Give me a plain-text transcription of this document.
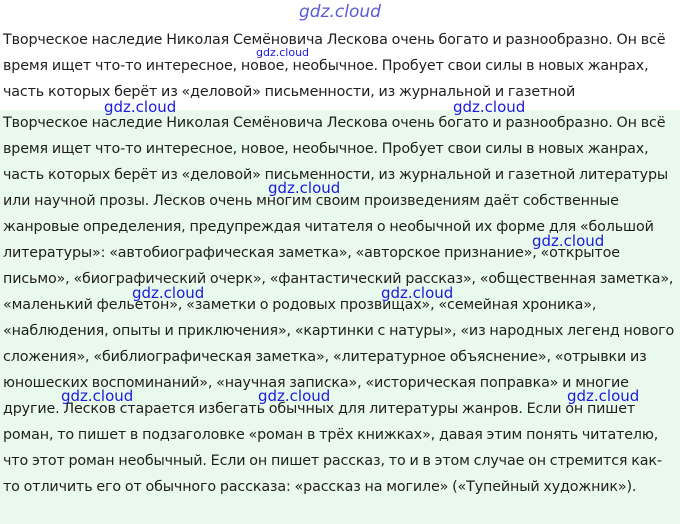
gdz.cloud

Творческое наследие Николая Семёновича Лескова очень богато и разнообразно. Он всё время ищет что-то интересное, новое, необычное. Пробует свои силы в новых жанрах, часть которых берёт из «деловой» письменности, из журнальной и газетной

Творческое наследие Николая Семёновича Лескова очень богато и разнообразно. Он всё время ищет что-то интересное, новое, необычное. Пробует свои силы в новых жанрах, часть которых берёт из «деловой» письменности, из журнальной и газетной литературы или научной прозы. Лесков очень многим своим произведениям даёт собственные жанровые определения, предупреждая читателя о необычной их форме для «большой литературы»: «автобиографическая заметка», «авторское признание», «открытое письмо», «биографический очерк», «фантастический рассказ», «общественная заметка», «маленький фельетон», «заметки о родовых прозвищах», «семейная хроника», «наблюдения, опыты и приключения», «картинки с натуры», «из народных легенд нового сложения», «библиографическая заметка», «литературное объяснение», «отрывки из юношеских воспоминаний», «научная записка», «историческая поправка» и многие другие. Лесков старается избегать обычных для литературы жанров. Если он пишет роман, то пишет в подзаголовке «роман в трёх книжках», давая этим понять читателю, что этот роман необычный. Если он пишет рассказ, то и в этом случае он стремится как-то отличить его от обычного рассказа: «рассказ на могиле» («Тупейный художник»).

gdz.cloud
gdz.cloud	gdz.cloud
gdz.cloud
gdz.cloud
gdz.cloud	gdz.cloud
gdz.cloud	gdz.cloud	gdz.cloud
